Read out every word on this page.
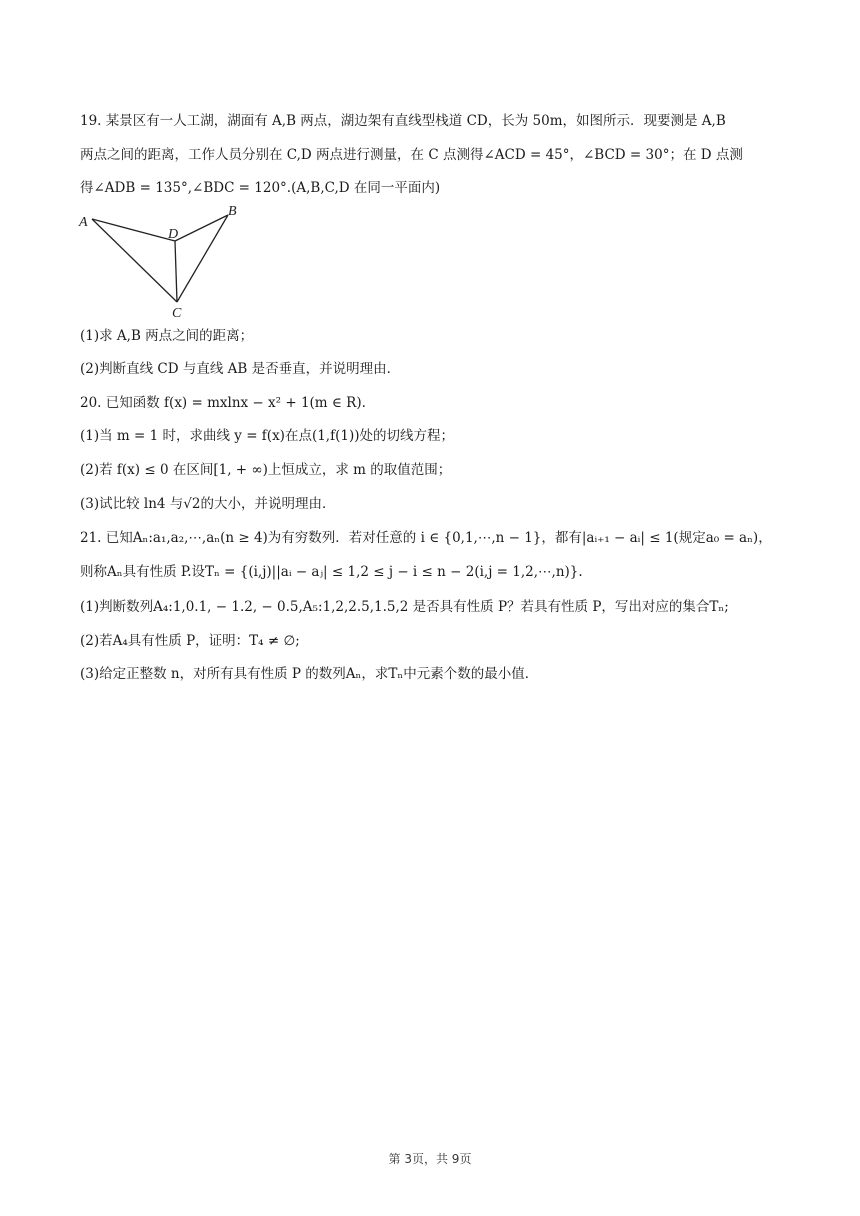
19. 某景区有一人工湖，湖面有 A,B 两点，湖边架有直线型栈道 CD，长为 50m，如图所示．现要测是 A,B
两点之间的距离，工作人员分别在 C,D 两点进行测量，在 C 点测得∠ACD = 45°，∠BCD = 30°；在 D 点测
得∠ADB = 135°,∠BDC = 120°.(A,B,C,D 在同一平面内)
A
B
D
C
(1)求 A,B 两点之间的距离；
(2)判断直线 CD 与直线 AB 是否垂直，并说明理由．
20. 已知函数 f(x) = mxlnx − x² + 1(m ∈ R).
(1)当 m = 1 时，求曲线 y = f(x)在点(1,f(1))处的切线方程；
(2)若 f(x) ≤ 0 在区间[1, + ∞)上恒成立，求 m 的取值范围；
(3)试比较 ln4 与√2的大小，并说明理由．
21. 已知Aₙ:a₁,a₂,⋯,aₙ(n ≥ 4)为有穷数列．若对任意的 i ∈ {0,1,⋯,n − 1}，都有|aᵢ₊₁ − aᵢ| ≤ 1(规定a₀ = aₙ)，
则称Aₙ具有性质 P.设Tₙ = {(i,j)||aᵢ − aⱼ| ≤ 1,2 ≤ j − i ≤ n − 2(i,j = 1,2,⋯,n)}.
(1)判断数列A₄:1,0.1, − 1.2, − 0.5,A₅:1,2,2.5,1.5,2 是否具有性质 P？若具有性质 P，写出对应的集合Tₙ;
(2)若A₄具有性质 P，证明：T₄ ≠ ∅;
(3)给定正整数 n，对所有具有性质 P 的数列Aₙ，求Tₙ中元素个数的最小值．
第 3页，共 9页
